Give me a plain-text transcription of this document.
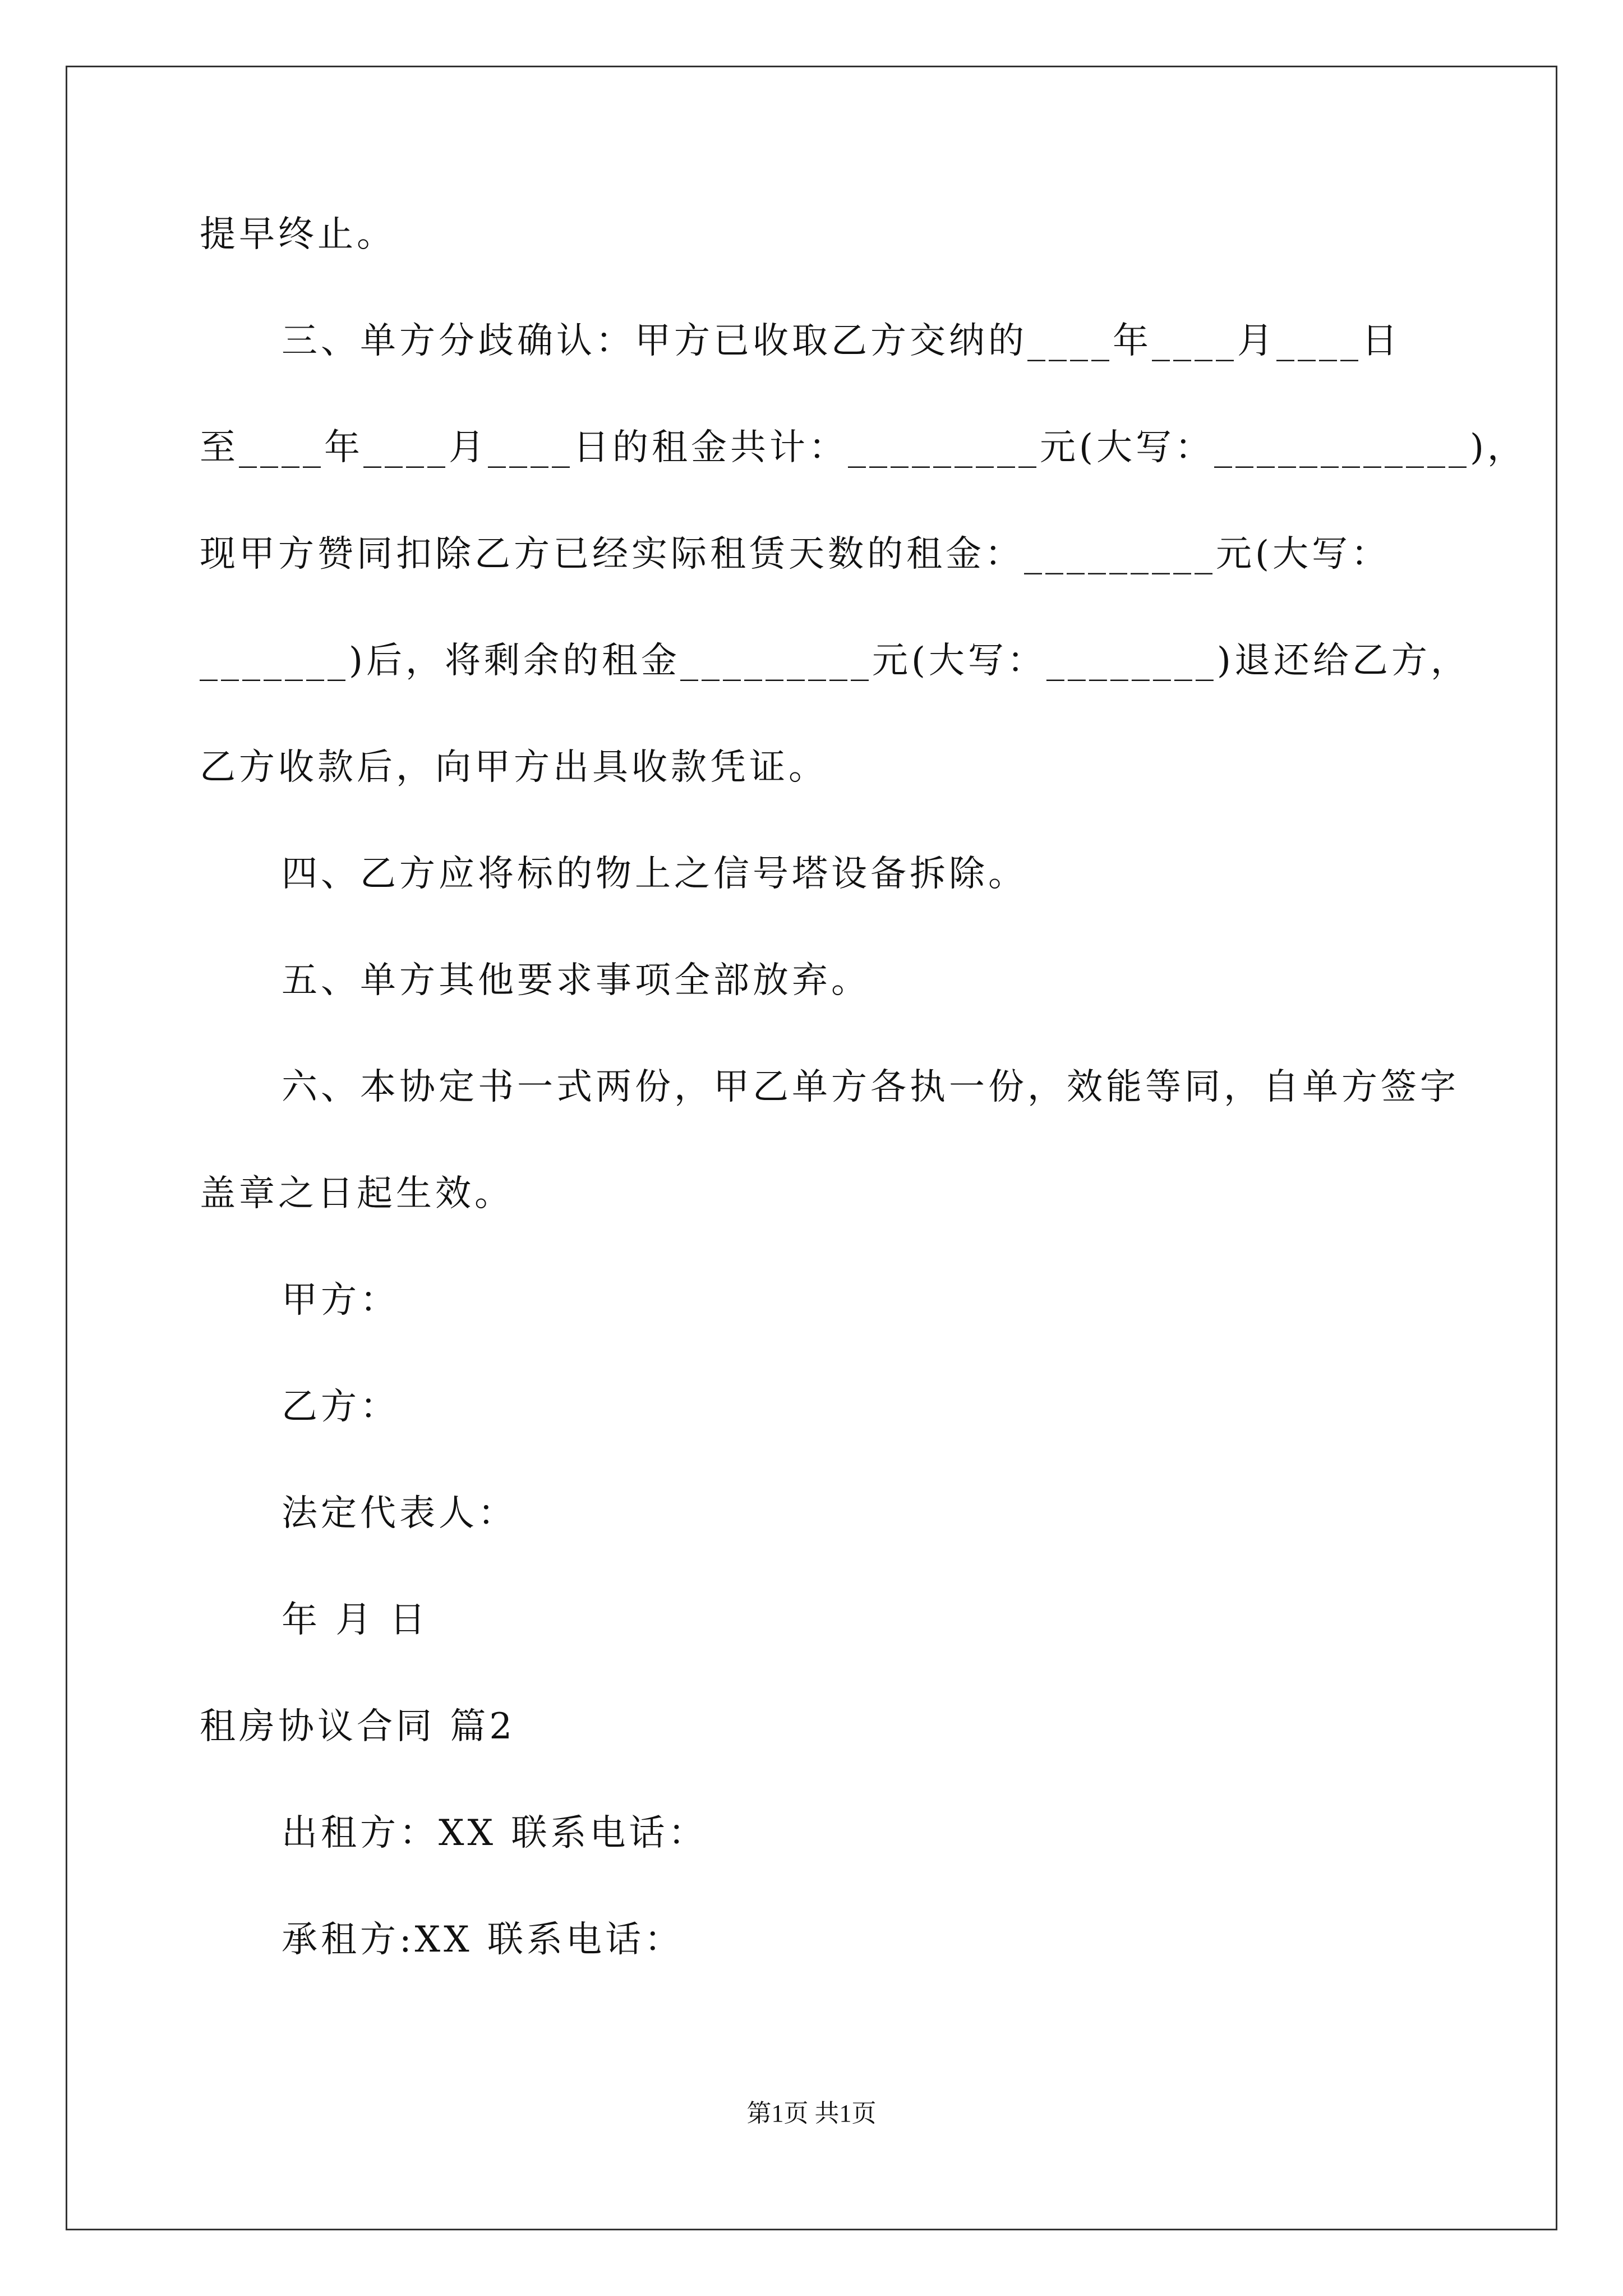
提早终止。
三、单方分歧确认：甲方已收取乙方交纳的____年____月____日
至____年____月____日的租金共计：_________元(大写：____________)，
现甲方赞同扣除乙方已经实际租赁天数的租金：_________元(大写：
_______)后，将剩余的租金_________元(大写：________)退还给乙方，
乙方收款后，向甲方出具收款凭证。
四、乙方应将标的物上之信号塔设备拆除。
五、单方其他要求事项全部放弃。
六、本协定书一式两份，甲乙单方各执一份，效能等同，自单方签字
盖章之日起生效。
甲方：
乙方：
法定代表人：
年 月 日
租房协议合同 篇2
出租方：XX 联系电话：
承租方:XX 联系电话：
第1页 共1页
